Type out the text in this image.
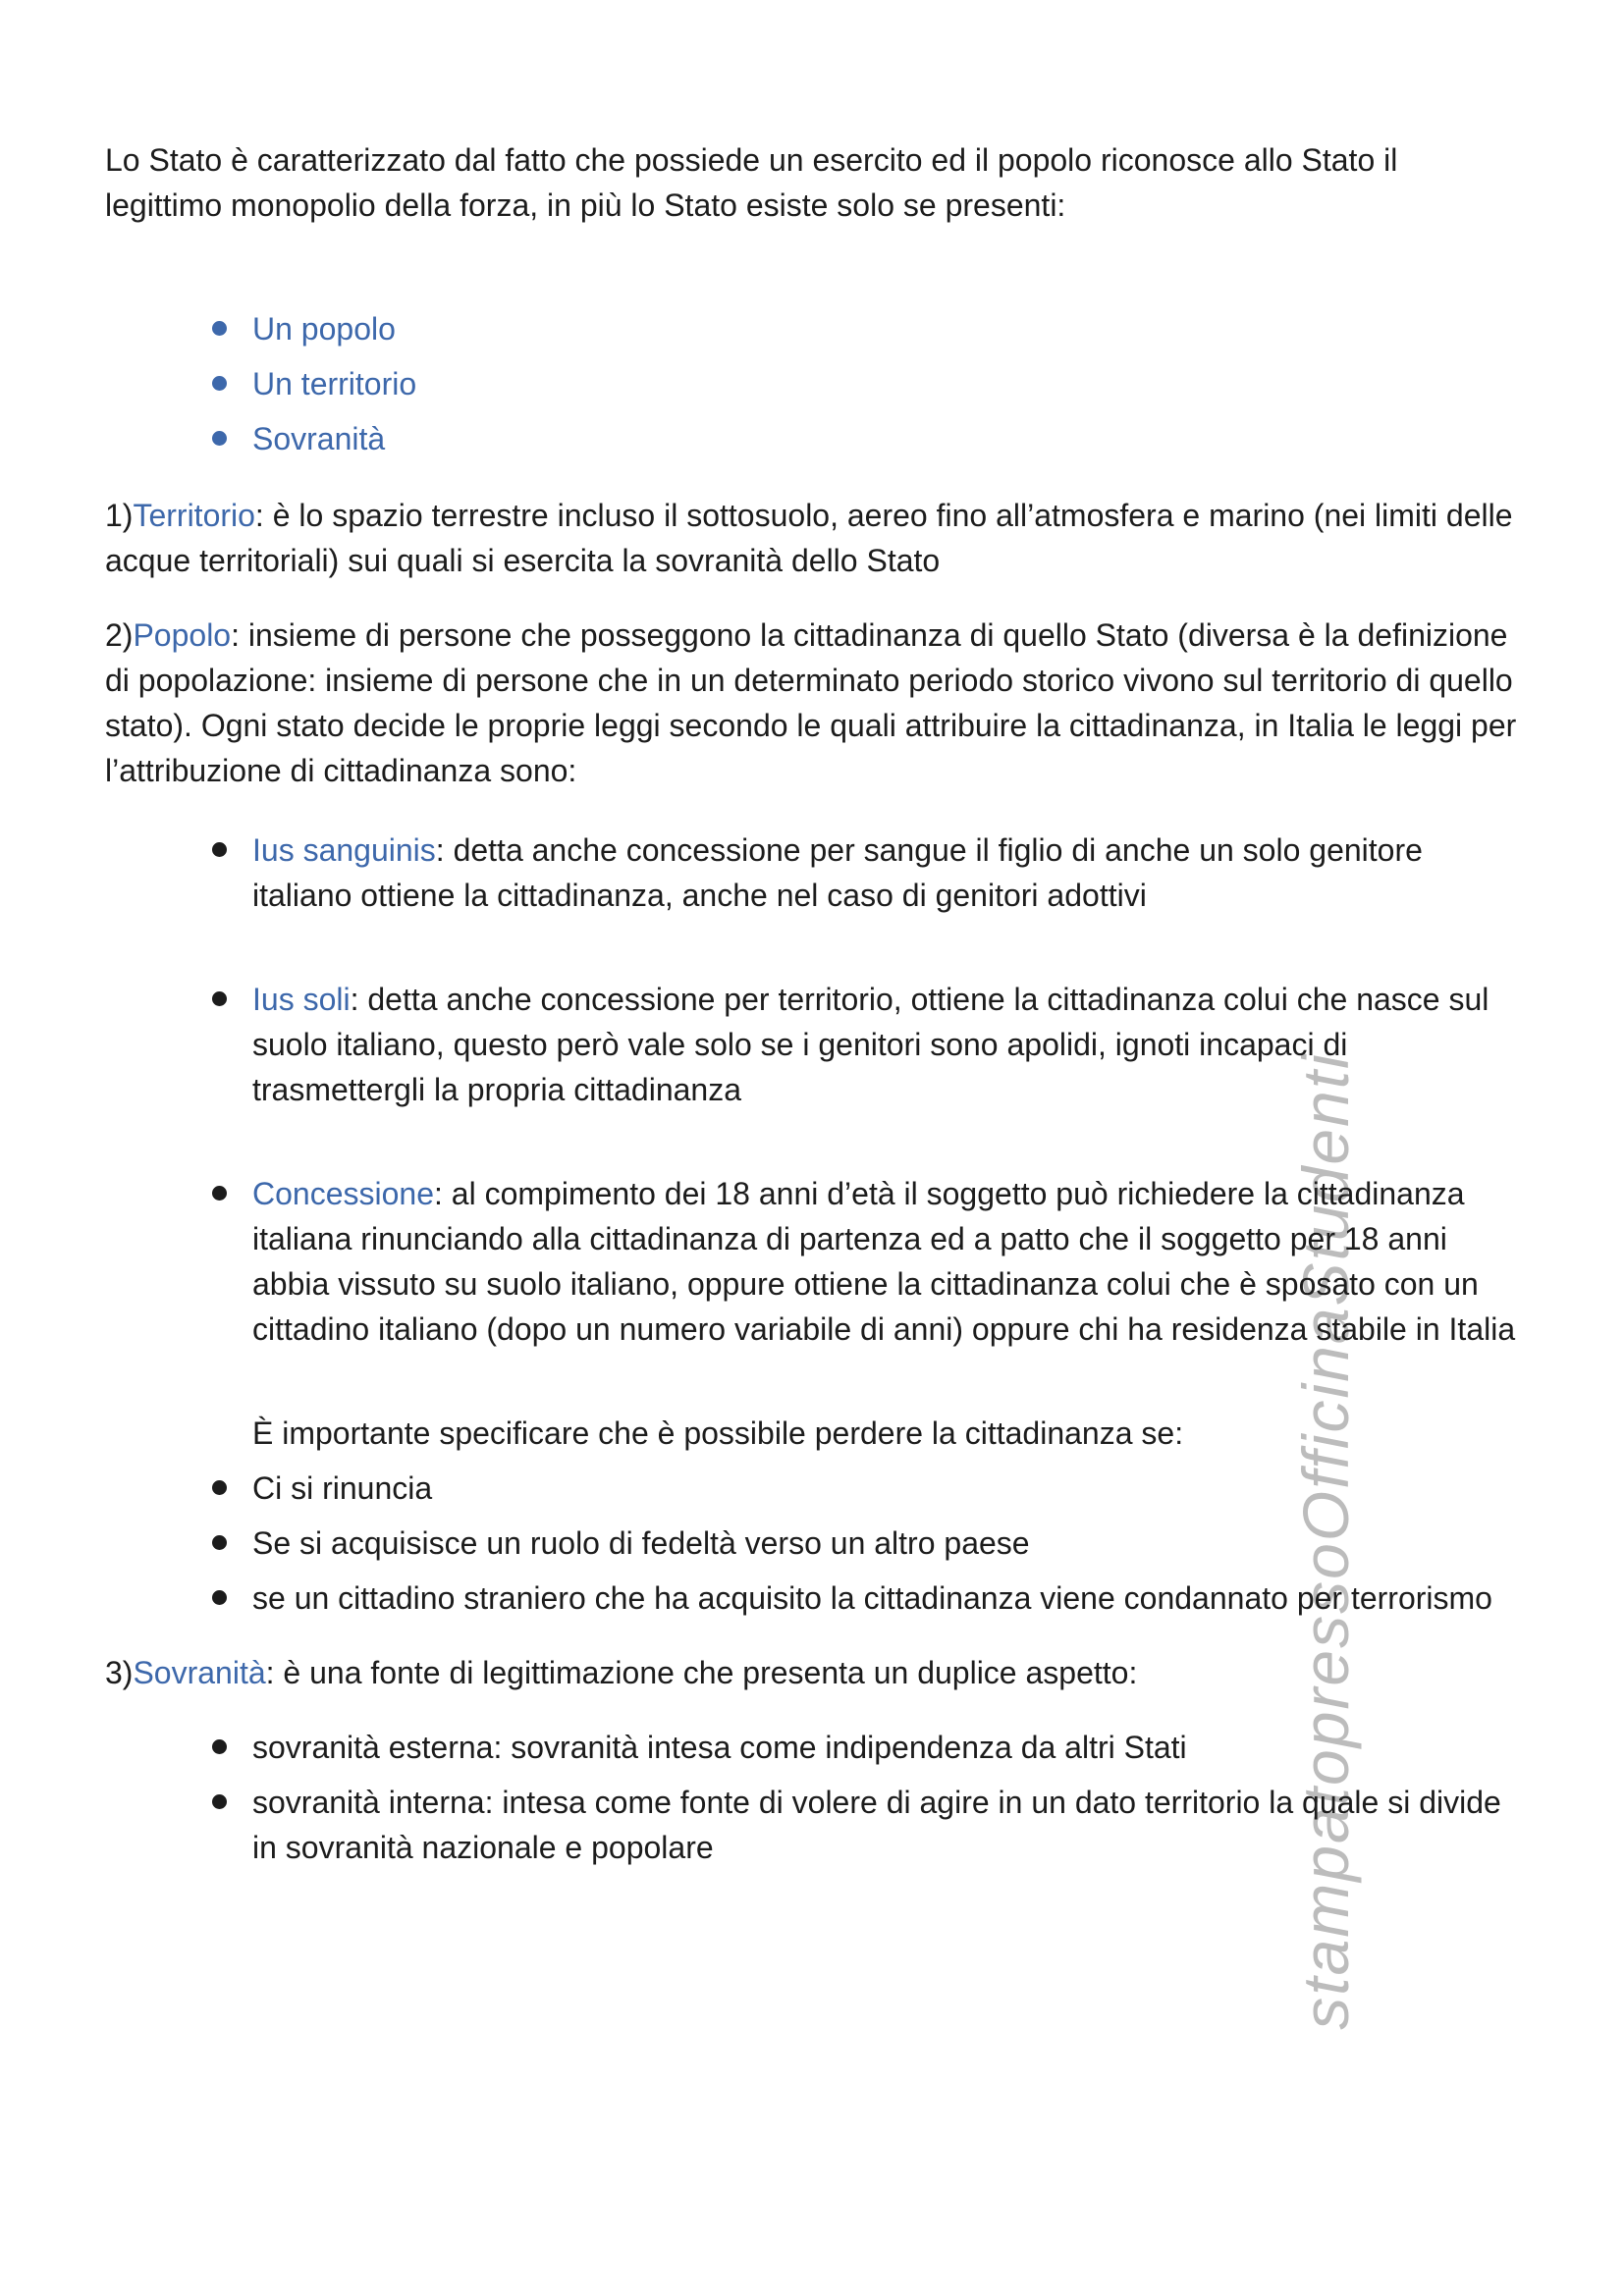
stampatopressoOfficinaStudenti

Lo Stato è caratterizzato dal fatto che possiede un esercito ed il popolo riconosce allo Stato il legittimo monopolio della forza, in più lo Stato esiste solo se presenti:

Un popolo
Un territorio
Sovranità

1)Territorio: è lo spazio terrestre incluso il sottosuolo, aereo fino all’atmosfera e marino (nei limiti delle acque territoriali) sui quali si esercita la sovranità dello Stato

2)Popolo: insieme di persone che posseggono la cittadinanza di quello Stato (diversa è la definizione di popolazione: insieme di persone che in un determinato periodo storico vivono sul territorio di quello stato). Ogni stato decide le proprie leggi secondo le quali attribuire la cittadinanza, in Italia le leggi per l’attribuzione di cittadinanza sono:

Ius sanguinis: detta anche concessione per sangue il figlio di anche un solo genitore italiano ottiene la cittadinanza, anche nel caso di genitori adottivi
Ius soli: detta anche concessione per territorio, ottiene la cittadinanza colui che nasce sul suolo italiano, questo però vale solo se i genitori sono apolidi, ignoti incapaci di trasmettergli la propria cittadinanza
Concessione: al compimento dei 18 anni d’età il soggetto può richiedere la cittadinanza italiana rinunciando alla cittadinanza di partenza ed a patto che il soggetto per 18 anni abbia vissuto su suolo italiano, oppure ottiene la cittadinanza colui che è sposato con un cittadino italiano (dopo un numero variabile di anni) oppure chi ha residenza stabile in Italia
È importante specificare che è possibile perdere la cittadinanza se:
Ci si rinuncia
Se si acquisisce un ruolo di fedeltà verso un altro paese
se un cittadino straniero che ha acquisito la cittadinanza viene condannato per terrorismo

3)Sovranità: è una fonte di legittimazione che presenta un duplice aspetto:

sovranità esterna: sovranità intesa come indipendenza da altri Stati
sovranità interna: intesa come fonte di volere di agire in un dato territorio la quale si divide in sovranità nazionale e popolare
